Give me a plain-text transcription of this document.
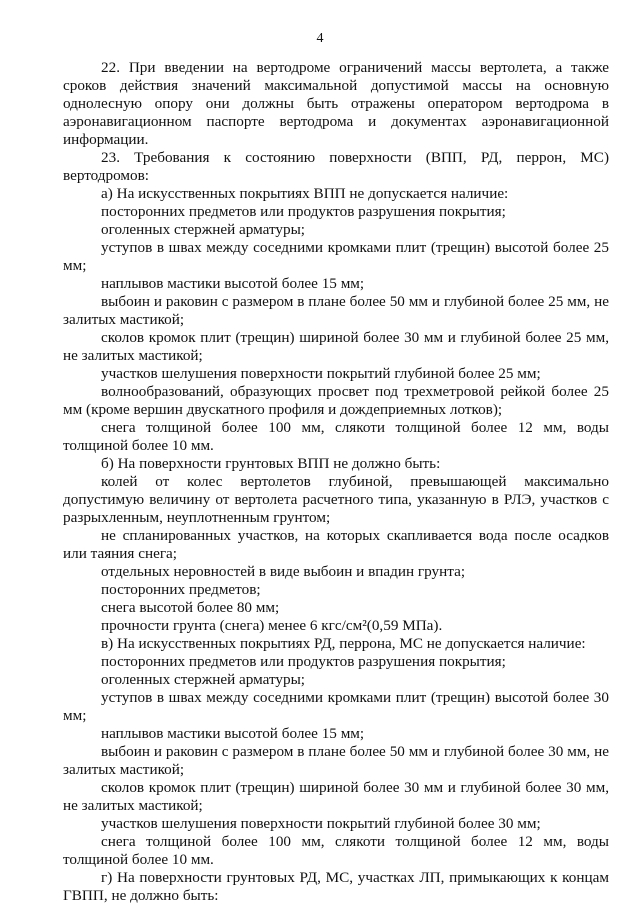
4

22. При введении на вертодроме ограничений массы вертолета, а также сроков действия значений максимальной допустимой массы на основную однолесную опору они должны быть отражены оператором вертодрома в аэронавигационном паспорте вертодрома и документах аэронавигационной информации.

23. Требования к состоянию поверхности (ВПП, РД, перрон, МС) вертодромов:

а) На искусственных покрытиях ВПП не допускается наличие:

посторонних предметов или продуктов разрушения покрытия;

оголенных стержней арматуры;

уступов в швах между соседними кромками плит (трещин) высотой более 25 мм;

наплывов мастики высотой более 15 мм;

выбоин и раковин с размером в плане более 50 мм и глубиной более 25 мм, не залитых мастикой;

сколов кромок плит (трещин) шириной более 30 мм и глубиной более 25 мм, не залитых мастикой;

участков шелушения поверхности покрытий глубиной более 25 мм;

волнообразований, образующих просвет под трехметровой рейкой более 25 мм (кроме вершин двускатного профиля и дождеприемных лотков);

снега толщиной более 100 мм, слякоти толщиной более 12 мм, воды толщиной более 10 мм.

б) На поверхности грунтовых ВПП не должно быть:

колей от колес вертолетов глубиной, превышающей максимально допустимую величину от вертолета расчетного типа, указанную в РЛЭ, участков с разрыхленным, неуплотненным грунтом;

не спланированных участков, на которых скапливается вода после осадков или таяния снега;

отдельных неровностей в виде выбоин и впадин грунта;

посторонних предметов;

снега высотой более 80 мм;

прочности грунта (снега) менее 6 кгс/см²(0,59 МПа).

в) На искусственных покрытиях РД, перрона, МС не допускается наличие:

посторонних предметов или продуктов разрушения покрытия;

оголенных стержней арматуры;

уступов в швах между соседними кромками плит (трещин) высотой более 30 мм;

наплывов мастики высотой более 15 мм;

выбоин и раковин с размером в плане более 50 мм и глубиной более 30 мм, не залитых мастикой;

сколов кромок плит (трещин) шириной более 30 мм и глубиной более 30 мм, не залитых мастикой;

участков шелушения поверхности покрытий глубиной более 30 мм;

снега толщиной более 100 мм, слякоти толщиной более 12 мм, воды толщиной более 10 мм.

г) На поверхности грунтовых РД, МС, участках ЛП, примыкающих к концам ГВПП, не должно быть:
